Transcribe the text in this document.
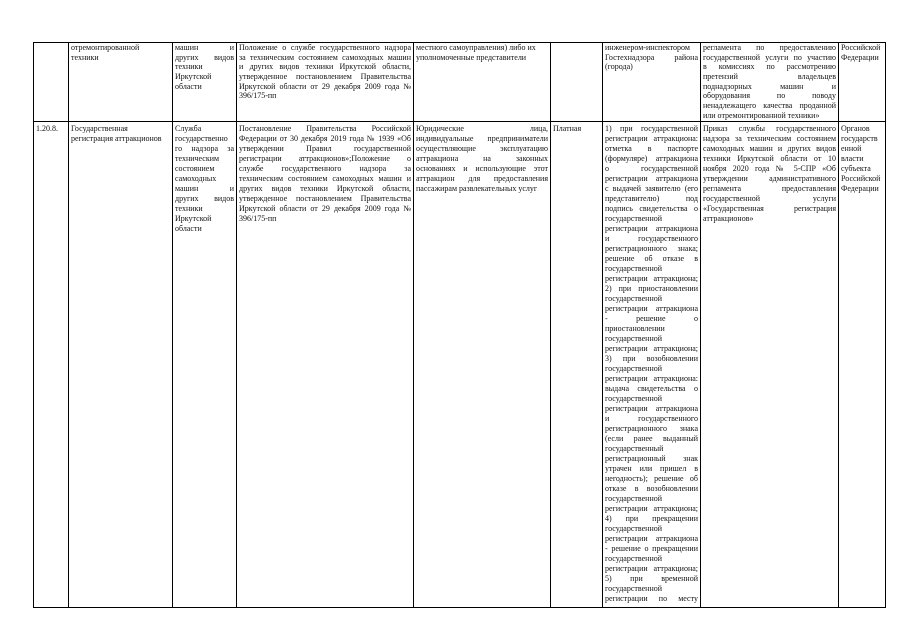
отремонтированной
техники
машин и
других видов
техники
Иркутской
области
Положение о службе государственного надзора
за техническим состоянием самоходных машин
и других видов техники Иркутской области,
утвержденное постановлением Правительства
Иркутской области от 29 декабря 2009 года №
396/175-пп
местного самоуправления) либо их
уполномоченные представители
инженером-инспектором
Гостехнадзора района
(города)
регламента по предоставлению
государственной услуги по участию
в комиссиях по рассмотрению
претензий владельцев
поднадзорных машин и
оборудования по поводу
ненадлежащего качества проданной
или отремонтированной техники»
Российской
Федерации
1.20.8.	Государственная
регистрация аттракционов
Служба
государственно
го надзора за
техническим
состоянием
самоходных
машин и
других видов
техники
Иркутской
области
Постановление Правительства Российской
Федерации от 30 декабря 2019 года № 1939 «Об
утверждении Правил государственной
регистрации аттракционов»;Положение о
службе государственного надзора за
техническим состоянием самоходных машин и
других видов техники Иркутской области,
утвержденное постановлением Правительства
Иркутской области от 29 декабря 2009 года №
396/175-пп
Юридические лица,
индивидуальные предприниматели
осуществляющие эксплуатацию
аттракциона на законных
основаниях и использующие этот
аттракцион для предоставления
пассажирам развлекательных услуг
Платная	1) при государственной
регистрации аттракциона:
отметка в паспорте
(формуляре) аттракциона
о государственной
регистрации аттракциона
с выдачей заявителю (его
представителю) под
подпись свидетельства о
государственной
регистрации аттракциона
и государственного
регистрационного знака;
решение об отказе в
государственной
регистрации аттракциона;
2) при приостановлении
государственной
регистрации аттракциона
- решение о
приостановлении
государственной
регистрации аттракциона;
3) при возобновлении
государственной
регистрации аттракциона:
выдача свидетельства о
государственной
регистрации аттракциона
и государственного
регистрационного знака
(если ранее выданный
государственный
регистрационный знак
утрачен или пришел в
негодность); решение об
отказе в возобновлении
государственной
регистрации аттракциона;
4) при прекращении
государственной
регистрации аттракциона
- решение о прекращении
государственной
регистрации аттракциона;
5) при временной
государственной
регистрации по месту
Приказ службы государственного
надзора за техническим состоянием
самоходных машин и других видов
техники Иркутской области от 10
ноября 2020 года № 5-СПР «Об
утверждении административного
регламента предоставления
государственной услуги
«Государственная регистрация
аттракционов»
Органов
государств
енной
власти
субъекта
Российской
Федерации
